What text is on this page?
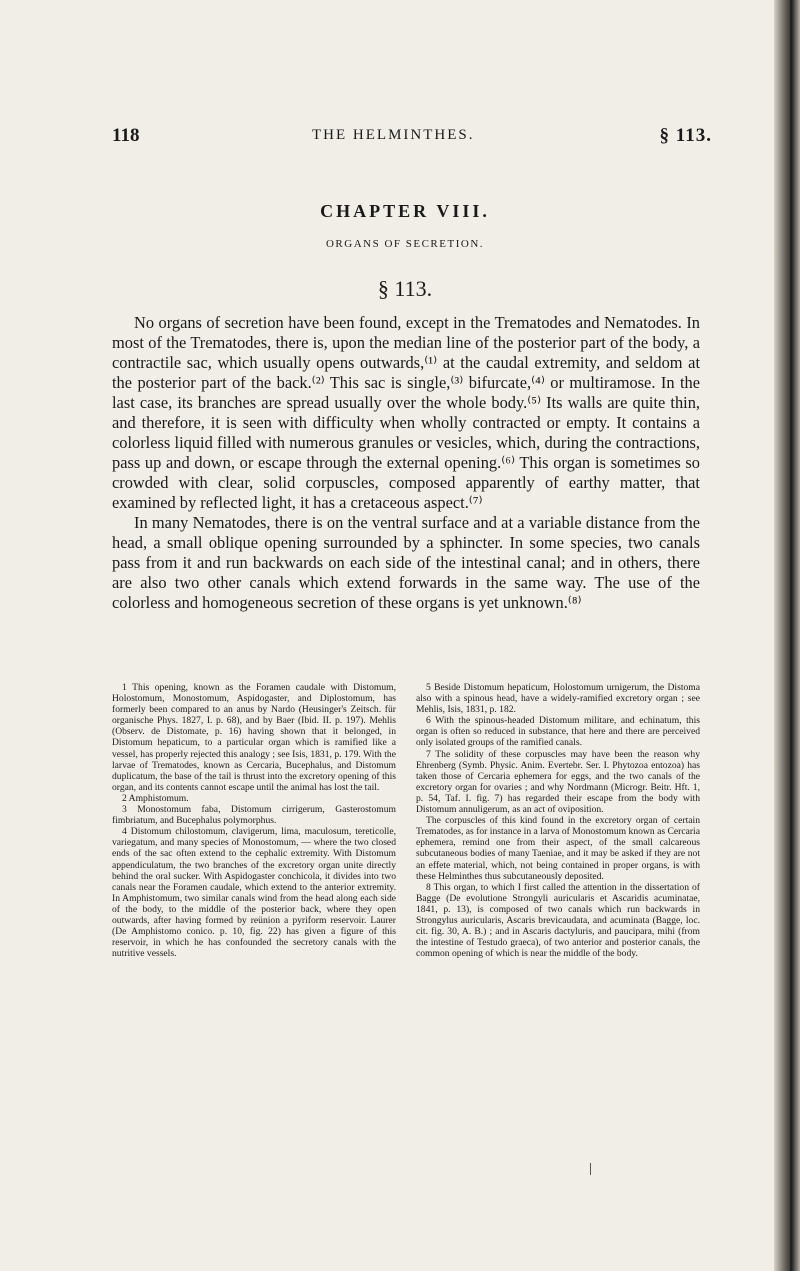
118	THE HELMINTHES.	§ 113.
CHAPTER VIII.
ORGANS OF SECRETION.
§ 113.

No organs of secretion have been found, except in the Trematodes and Nematodes. In most of the Trematodes, there is, upon the median line of the posterior part of the body, a contractile sac, which usually opens outwards,⁽¹⁾ at the caudal extremity, and seldom at the posterior part of the back.⁽²⁾ This sac is single,⁽³⁾ bifurcate,⁽⁴⁾ or multiramose. In the last case, its branches are spread usually over the whole body.⁽⁵⁾ Its walls are quite thin, and therefore, it is seen with difficulty when wholly contracted or empty. It contains a colorless liquid filled with numerous granules or vesicles, which, during the contractions, pass up and down, or escape through the external opening.⁽⁶⁾ This organ is sometimes so crowded with clear, solid corpuscles, composed apparently of earthy matter, that examined by reflected light, it has a cretaceous aspect.⁽⁷⁾

In many Nematodes, there is on the ventral surface and at a variable distance from the head, a small oblique opening surrounded by a sphincter. In some species, two canals pass from it and run backwards on each side of the intestinal canal; and in others, there are also two other canals which extend forwards in the same way. The use of the colorless and homogeneous secretion of these organs is yet unknown.⁽⁸⁾

1 This opening, known as the Foramen caudale with Distomum, Holostomum, Monostomum, Aspidogaster, and Diplostomum, has formerly been compared to an anus by Nardo (Heusinger's Zeitsch. für organische Phys. 1827, I. p. 68), and by Baer (Ibid. II. p. 197). Mehlis (Observ. de Distomate, p. 16) having shown that it belonged, in Distomum hepaticum, to a particular organ which is ramified like a vessel, has properly rejected this analogy ; see Isis, 1831, p. 179. With the larvae of Trematodes, known as Cercaria, Bucephalus, and Distomum duplicatum, the base of the tail is thrust into the excretory opening of this organ, and its contents cannot escape until the animal has lost the tail.

2 Amphistomum.

3 Monostomum faba, Distomum cirrigerum, Gasterostomum fimbriatum, and Bucephalus polymorphus.

4 Distomum chilostomum, clavigerum, lima, maculosum, tereticolle, variegatum, and many species of Monostomum, — where the two closed ends of the sac often extend to the cephalic extremity. With Distomum appendiculatum, the two branches of the excretory organ unite directly behind the oral sucker. With Aspidogaster conchicola, it divides into two canals near the Foramen caudale, which extend to the anterior extremity. In Amphistomum, two similar canals wind from the head along each side of the body, to the middle of the posterior back, where they open outwards, after having formed by reünion a pyriform reservoir. Laurer (De Amphistomo conico. p. 10, fig. 22) has given a figure of this reservoir, in which he has confounded the secretory canals with the nutritive vessels.

5 Beside Distomum hepaticum, Holostomum urnigerum, the Distoma also with a spinous head, have a widely-ramified excretory organ ; see Mehlis, Isis, 1831, p. 182.

6 With the spinous-headed Distomum militare, and echinatum, this organ is often so reduced in substance, that here and there are perceived only isolated groups of the ramified canals.

7 The solidity of these corpuscles may have been the reason why Ehrenberg (Symb. Physic. Anim. Evertebr. Ser. I. Phytozoa entozoa) has taken those of Cercaria ephemera for eggs, and the two canals of the excretory organ for ovaries ; and why Nordmann (Microgr. Beitr. Hft. 1, p. 54, Taf. I. fig. 7) has regarded their escape from the body with Distomum annuligerum, as an act of oviposition.

The corpuscles of this kind found in the excretory organ of certain Trematodes, as for instance in a larva of Monostomum known as Cercaria ephemera, remind one from their aspect, of the small calcareous subcutaneous bodies of many Taeniae, and it may be asked if they are not an effete material, which, not being contained in proper organs, is with these Helminthes thus subcutaneously deposited.

8 This organ, to which I first called the attention in the dissertation of Bagge (De evolutione Strongyli auricularis et Ascaridis acuminatae, 1841, p. 13), is composed of two canals which run backwards in Strongylus auricularis, Ascaris brevicaudata, and acuminata (Bagge, loc. cit. fig. 30, A. B.) ; and in Ascaris dactyluris, and paucipara, mihi (from the intestine of Testudo graeca), of two anterior and posterior canals, the common opening of which is near the middle of the body.
